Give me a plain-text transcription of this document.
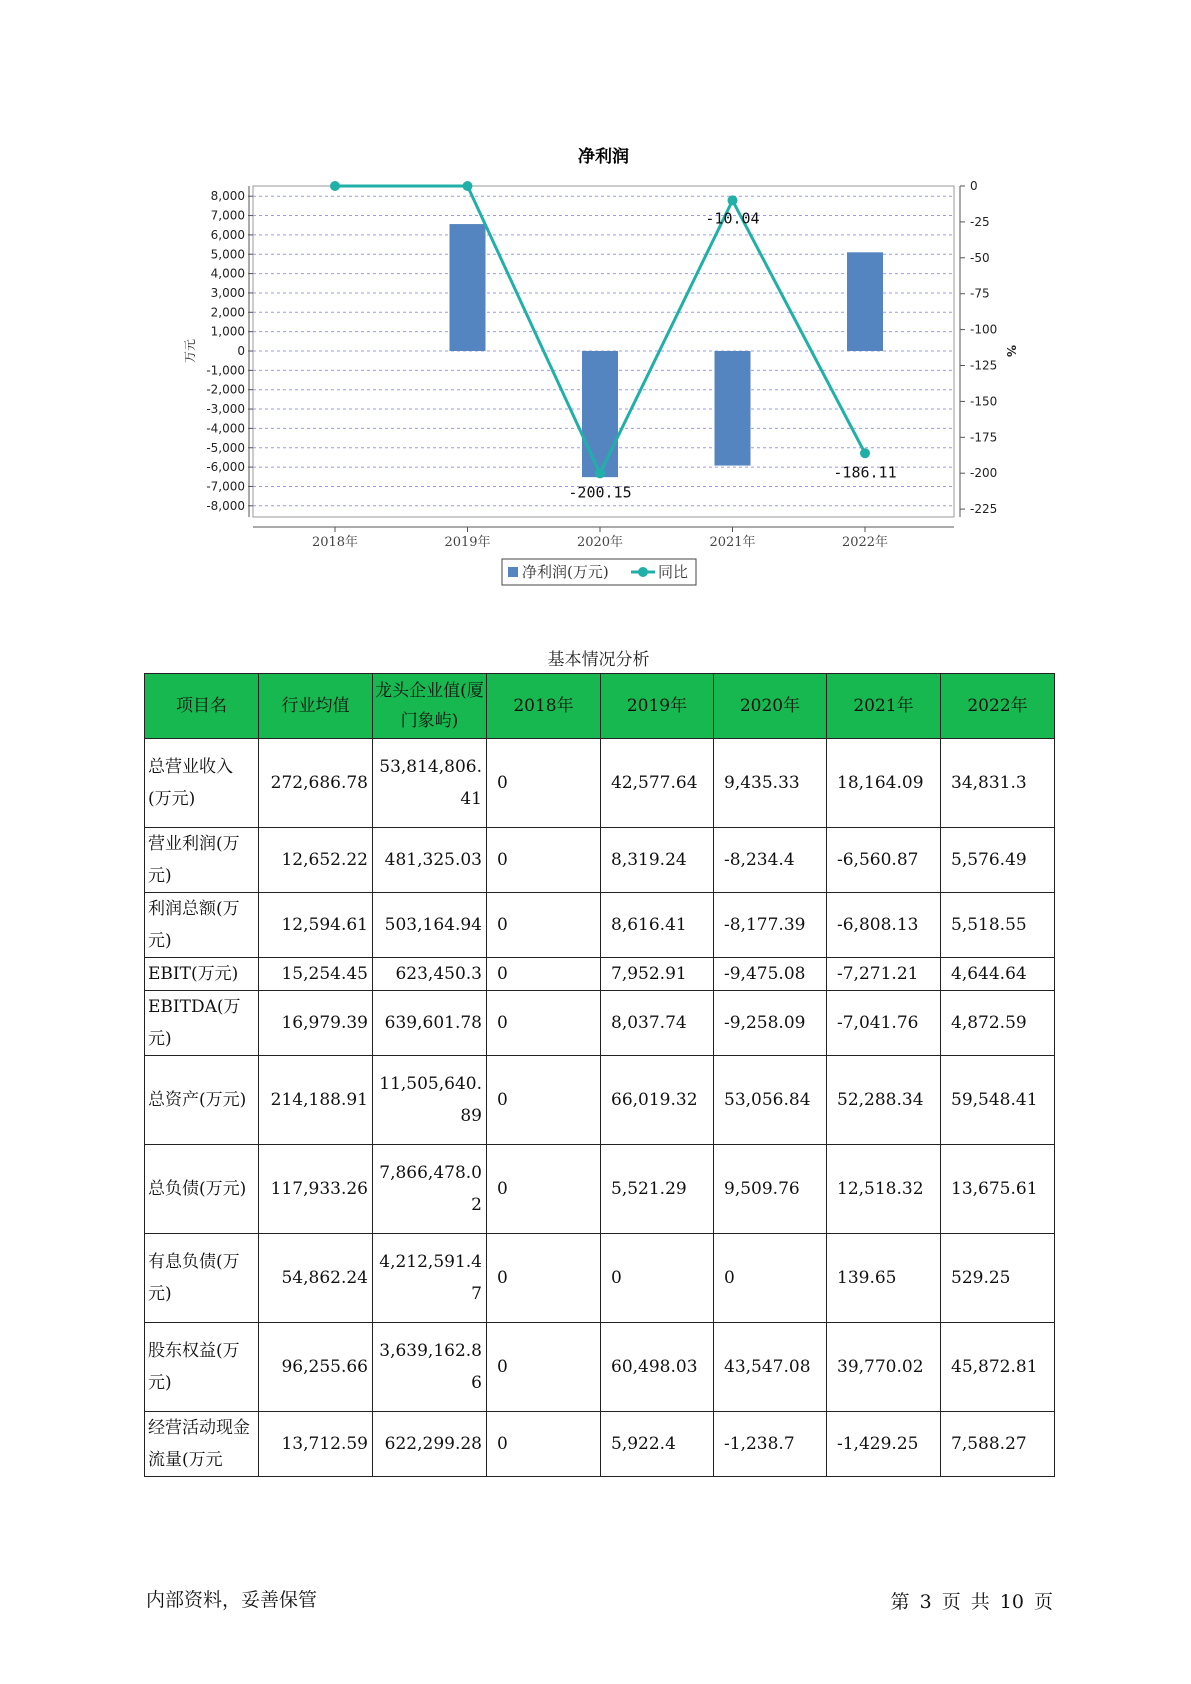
净利润
8,000
7,000
6,000
5,000
4,000
3,000
2,000
1,000
0
-1,000
-2,000
-3,000
-4,000
-5,000
-6,000
-7,000
-8,000
0
-25
-50
-75
-100
-125
-150
-175
-200
-225
万元	%
2018年	2019年	2020年	2021年	2022年
-200.15
-10.04
-186.11
净利润(万元)	同比
基本情况分析
项目名	行业均值	龙头企业值(厦门象屿)	2018年	2019年	2020年	2021年	2022年
总营业收入(万元)	272,686.78	53,814,806.41	0	42,577.64	9,435.33	18,164.09	34,831.3
营业利润(万元)	12,652.22	481,325.03	0	8,319.24	-8,234.4	-6,560.87	5,576.49
利润总额(万元)	12,594.61	503,164.94	0	8,616.41	-8,177.39	-6,808.13	5,518.55
EBIT(万元)	15,254.45	623,450.3	0	7,952.91	-9,475.08	-7,271.21	4,644.64
EBITDA(万元)	16,979.39	639,601.78	0	8,037.74	-9,258.09	-7,041.76	4,872.59
总资产(万元)	214,188.91	11,505,640.89	0	66,019.32	53,056.84	52,288.34	59,548.41
总负债(万元)	117,933.26	7,866,478.02	0	5,521.29	9,509.76	12,518.32	13,675.61
有息负债(万元)	54,862.24	4,212,591.47	0	0	0	139.65	529.25
股东权益(万元)	96,255.66	3,639,162.86	0	60,498.03	43,547.08	39,770.02	45,872.81
经营活动现金流量(万元	13,712.59	622,299.28	0	5,922.4	-1,238.7	-1,429.25	7,588.27
内部资料，妥善保管	第 3 页 共 10 页
